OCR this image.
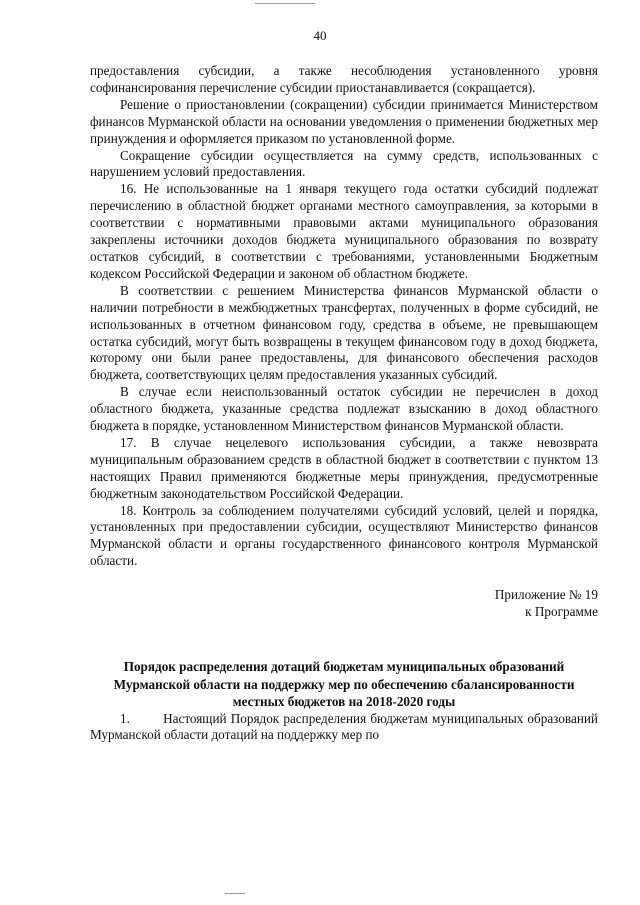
40

предоставления субсидии, а также несоблюдения установленного уровня софинансирования перечисление субсидии приостанавливается (сокращается).

Решение о приостановлении (сокращении) субсидии принимается Министерством финансов Мурманской области на основании уведомления о применении бюджетных мер принуждения и оформляется приказом по установленной форме.

Сокращение субсидии осуществляется на сумму средств, использованных с нарушением условий предоставления.

16. Не использованные на 1 января текущего года остатки субсидий подлежат перечислению в областной бюджет органами местного самоуправления, за которыми в соответствии с нормативными правовыми актами муниципального образования закреплены источники доходов бюджета муниципального образования по возврату остатков субсидий, в соответствии с требованиями, установленными Бюджетным кодексом Российской Федерации и законом об областном бюджете.

В соответствии с решением Министерства финансов Мурманской области о наличии потребности в межбюджетных трансфертах, полученных в форме субсидий, не использованных в отчетном финансовом году, средства в объеме, не превышающем остатка субсидий, могут быть возвращены в текущем финансовом году в доход бюджета, которому они были ранее предоставлены, для финансового обеспечения расходов бюджета, соответствующих целям предоставления указанных субсидий.

В случае если неиспользованный остаток субсидии не перечислен в доход областного бюджета, указанные средства подлежат взысканию в доход областного бюджета в порядке, установленном Министерством финансов Мурманской области.

17. В случае нецелевого использования субсидии, а также невозврата муниципальным образованием средств в областной бюджет в соответствии с пунктом 13 настоящих Правил применяются бюджетные меры принуждения, предусмотренные бюджетным законодательством Российской Федерации.

18. Контроль за соблюдением получателями субсидий условий, целей и порядка, установленных при предоставлении субсидии, осуществляют Министерство финансов Мурманской области и органы государственного финансового контроля Мурманской области.

Приложение № 19
к Программе
Порядок распределения дотаций бюджетам муниципальных образований Мурманской области на поддержку мер по обеспечению сбалансированности местных бюджетов на 2018-2020 годы

1.        Настоящий Порядок распределения бюджетам муниципальных образований Мурманской области дотаций на поддержку мер по
